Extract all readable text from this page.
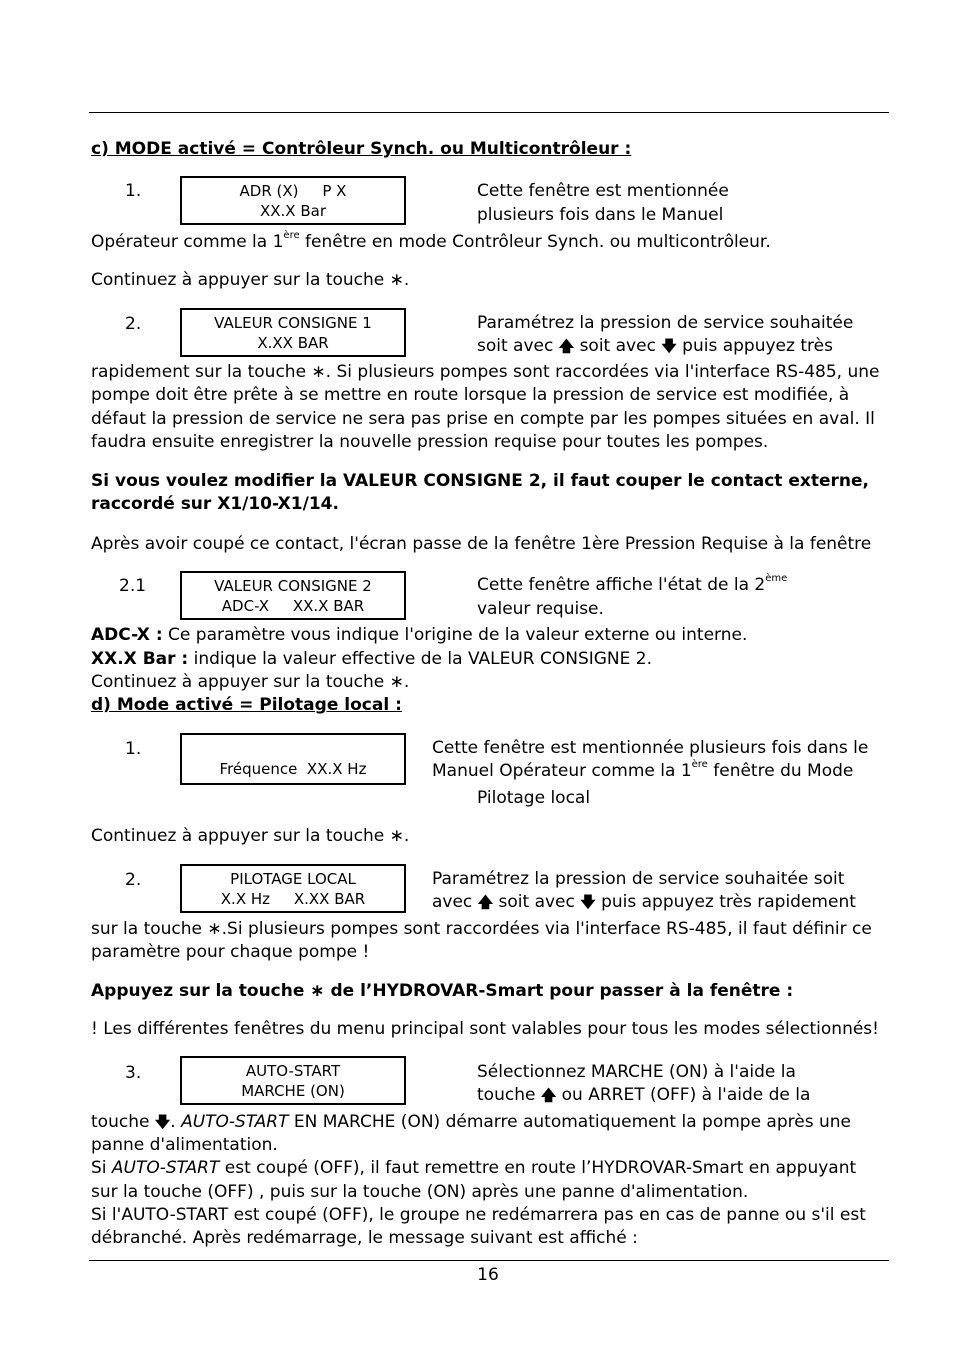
c) MODE activé = Contrôleur Synch. ou Multicontrôleur :
1.	ADR (X)     P X
XX.X Bar
Cette fenêtre est mentionnée
plusieurs fois dans le Manuel
Opérateur comme la 1ère fenêtre en mode Contrôleur Synch. ou multicontrôleur.
Continuez à appuyer sur la touche ∗.
2.	VALEUR CONSIGNE 1
X.XX BAR
Paramétrez la pression de service souhaitée
soit avec 🡅 soit avec 🡇 puis appuyez très
rapidement sur la touche ∗. Si plusieurs pompes sont raccordées via l'interface RS-485, une
pompe doit être prête à se mettre en route lorsque la pression de service est modifiée, à
défaut la pression de service ne sera pas prise en compte par les pompes situées en aval. Il
faudra ensuite enregistrer la nouvelle pression requise pour toutes les pompes.
Si vous voulez modifier la VALEUR CONSIGNE 2, il faut couper le contact externe,
raccordé sur X1/10-X1/14.
Après avoir coupé ce contact, l'écran passe de la fenêtre 1ère Pression Requise à la fenêtre
2.1	VALEUR CONSIGNE 2
ADC-X     XX.X BAR
Cette fenêtre affiche l'état de la 2ème
valeur requise.
ADC-X : Ce paramètre vous indique l'origine de la valeur externe ou interne.
XX.X Bar : indique la valeur effective de la VALEUR CONSIGNE 2.
Continuez à appuyer sur la touche ∗.
d) Mode activé = Pilotage local :
1.
Fréquence  XX.X Hz
Cette fenêtre est mentionnée plusieurs fois dans le
Manuel Opérateur comme la 1ère fenêtre du Mode
Pilotage local
Continuez à appuyer sur la touche ∗.
2.	PILOTAGE LOCAL
X.X Hz     X.XX BAR
Paramétrez la pression de service souhaitée soit
avec 🡅 soit avec 🡇 puis appuyez très rapidement
sur la touche ∗.Si plusieurs pompes sont raccordées via l'interface RS-485, il faut définir ce
paramètre pour chaque pompe !
Appuyez sur la touche ∗ de l’HYDROVAR-Smart pour passer à la fenêtre :
! Les différentes fenêtres du menu principal sont valables pour tous les modes sélectionnés!
3.	AUTO-START
MARCHE (ON)
Sélectionnez MARCHE (ON) à l'aide la
touche 🡅 ou ARRET (OFF) à l'aide de la
touche 🡇. AUTO-START EN MARCHE (ON) démarre automatiquement la pompe après une
panne d'alimentation.
Si AUTO-START est coupé (OFF), il faut remettre en route l’HYDROVAR-Smart en appuyant
sur la touche (OFF) , puis sur la touche (ON) après une panne d'alimentation.
Si l'AUTO-START est coupé (OFF), le groupe ne redémarrera pas en cas de panne ou s'il est
débranché. Après redémarrage, le message suivant est affiché :
16
